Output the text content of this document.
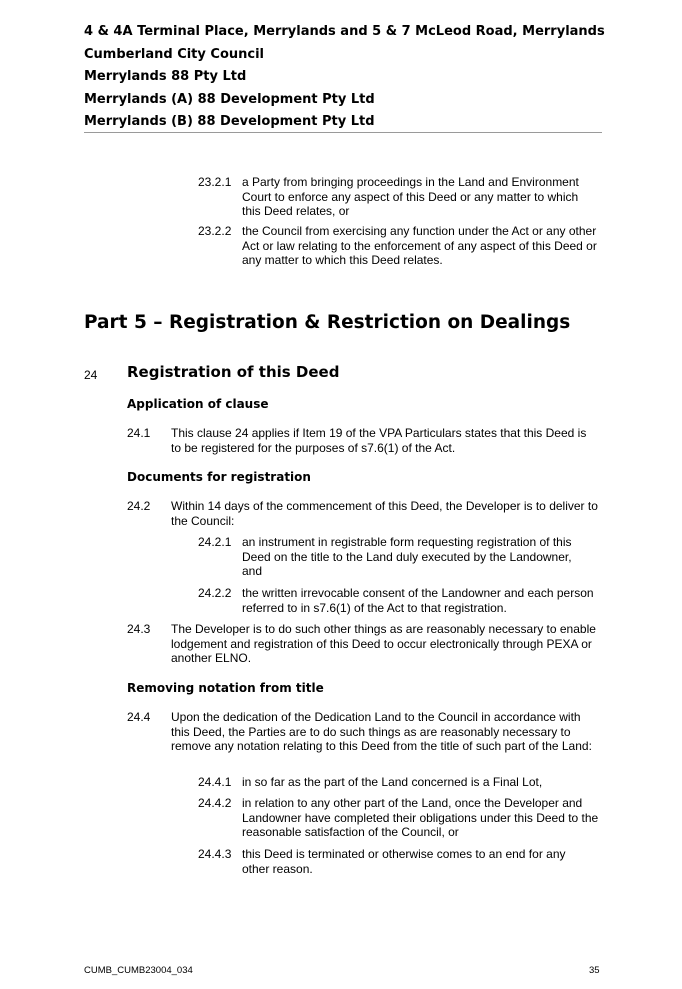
4 & 4A Terminal Place, Merrylands and 5 & 7 McLeod Road, Merrylands
Cumberland City Council
Merrylands 88 Pty Ltd
Merrylands (A) 88 Development Pty Ltd
Merrylands (B) 88 Development Pty Ltd
23.2.1 a Party from bringing proceedings in the Land and Environment Court to enforce any aspect of this Deed or any matter to which this Deed relates, or
23.2.2 the Council from exercising any function under the Act or any other Act or law relating to the enforcement of any aspect of this Deed or any matter to which this Deed relates.
Part 5 – Registration & Restriction on Dealings
24 Registration of this Deed
Application of clause
24.1 This clause 24 applies if Item 19 of the VPA Particulars states that this Deed is to be registered for the purposes of s7.6(1) of the Act.
Documents for registration
24.2 Within 14 days of the commencement of this Deed, the Developer is to deliver to the Council:
24.2.1 an instrument in registrable form requesting registration of this Deed on the title to the Land duly executed by the Landowner, and
24.2.2 the written irrevocable consent of the Landowner and each person referred to in s7.6(1) of the Act to that registration.
24.3 The Developer is to do such other things as are reasonably necessary to enable lodgement and registration of this Deed to occur electronically through PEXA or another ELNO.
Removing notation from title
24.4 Upon the dedication of the Dedication Land to the Council in accordance with this Deed, the Parties are to do such things as are reasonably necessary to remove any notation relating to this Deed from the title of such part of the Land:
24.4.1 in so far as the part of the Land concerned is a Final Lot,
24.4.2 in relation to any other part of the Land, once the Developer and Landowner have completed their obligations under this Deed to the reasonable satisfaction of the Council, or
24.4.3 this Deed is terminated or otherwise comes to an end for any other reason.
CUMB_CUMB23004_034	35
